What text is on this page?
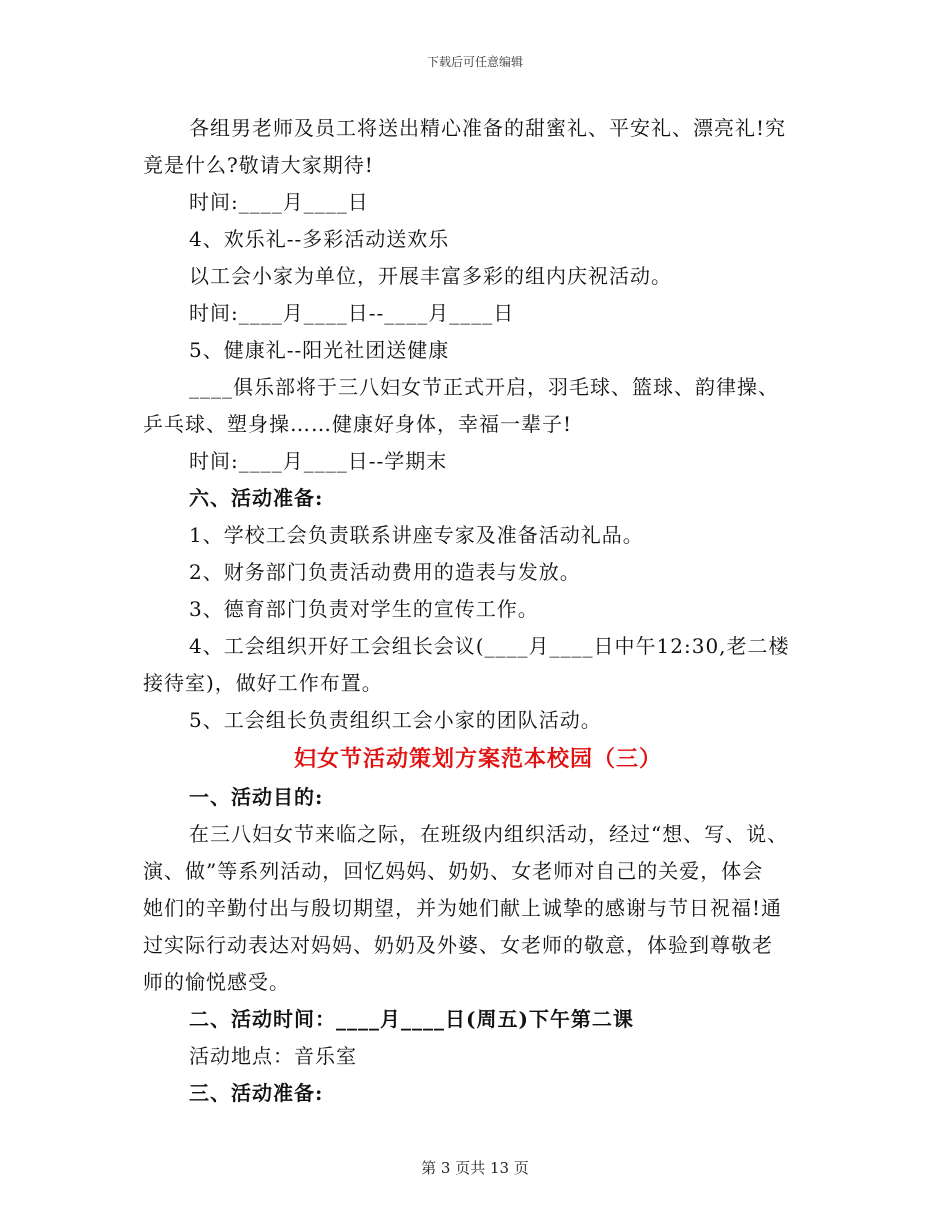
下载后可任意编辑
各组男老师及员工将送出精心准备的甜蜜礼、平安礼、漂亮礼!究
竟是什么?敬请大家期待!
时间:____月____日
4、欢乐礼--多彩活动送欢乐
以工会小家为单位，开展丰富多彩的组内庆祝活动。
时间:____月____日--____月____日
5、健康礼--阳光社团送健康
____俱乐部将于三八妇女节正式开启，羽毛球、篮球、韵律操、
乒乓球、塑身操……健康好身体，幸福一辈子!
时间:____月____日--学期末
六、活动准备:
1、学校工会负责联系讲座专家及准备活动礼品。
2、财务部门负责活动费用的造表与发放。
3、德育部门负责对学生的宣传工作。
4、工会组织开好工会组长会议(____月____日中午12:30,老二楼
接待室)，做好工作布置。
5、工会组长负责组织工会小家的团队活动。
妇女节活动策划方案范本校园（三）
一、活动目的:
在三八妇女节来临之际，在班级内组织活动，经过“想、写、说、
演、做”等系列活动，回忆妈妈、奶奶、女老师对自己的关爱，体会
她们的辛勤付出与殷切期望，并为她们献上诚挚的感谢与节日祝福!通
过实际行动表达对妈妈、奶奶及外婆、女老师的敬意，体验到尊敬老
师的愉悦感受。
二、活动时间：____月____日(周五)下午第二课
活动地点：音乐室
三、活动准备:
第 3 页共 13 页
